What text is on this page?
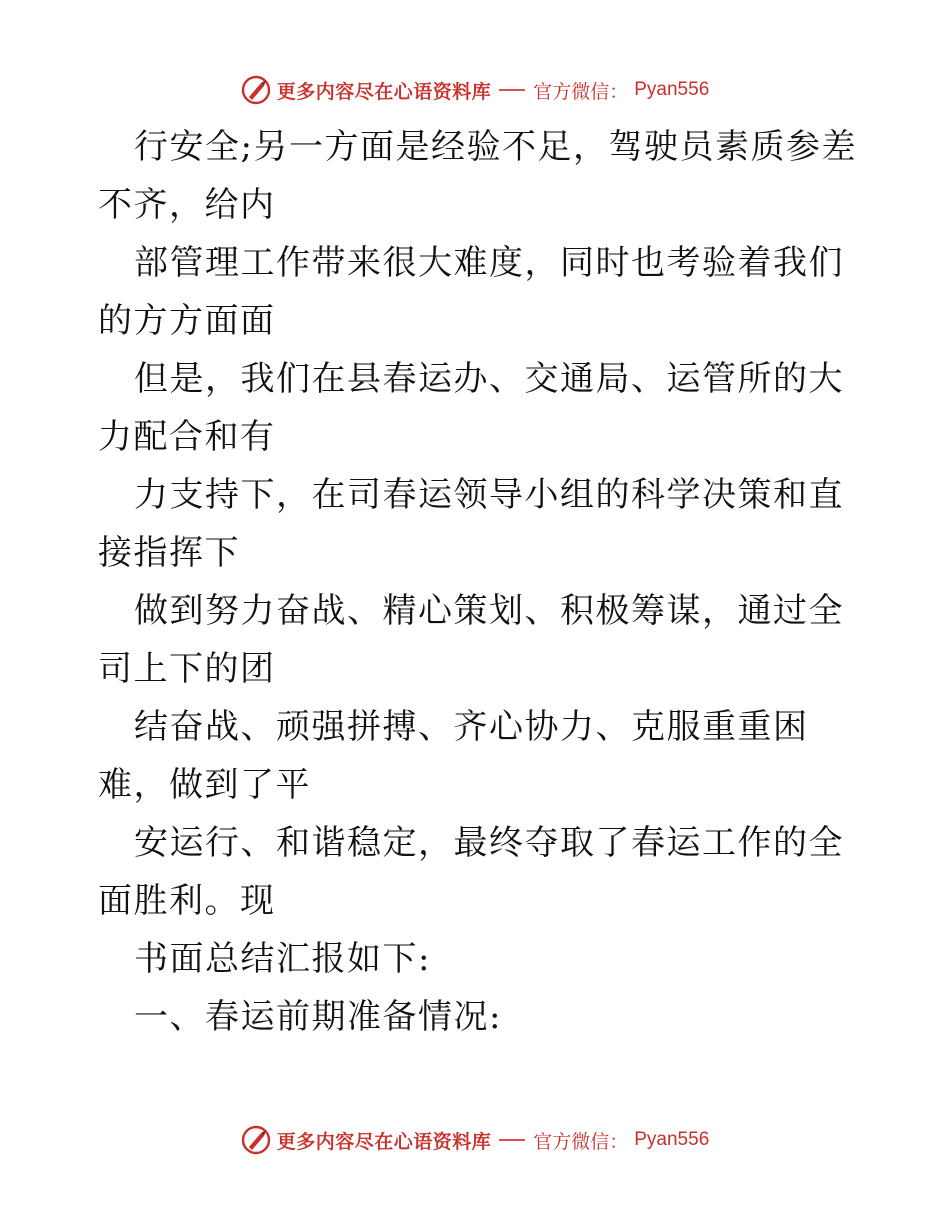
更多内容尽在心语资料库 官方微信： Pyan556

行安全;另一方面是经验不足，驾驶员素质参差不齐，给内

部管理工作带来很大难度，同时也考验着我们的方方面面

但是，我们在县春运办、交通局、运管所的大力配合和有

力支持下，在司春运领导小组的科学决策和直接指挥下

做到努力奋战、精心策划、积极筹谋，通过全司上下的团

结奋战、顽强拼搏、齐心协力、克服重重困难，做到了平

安运行、和谐稳定，最终夺取了春运工作的全面胜利。现

书面总结汇报如下:

一、春运前期准备情况:

更多内容尽在心语资料库 官方微信： Pyan556
